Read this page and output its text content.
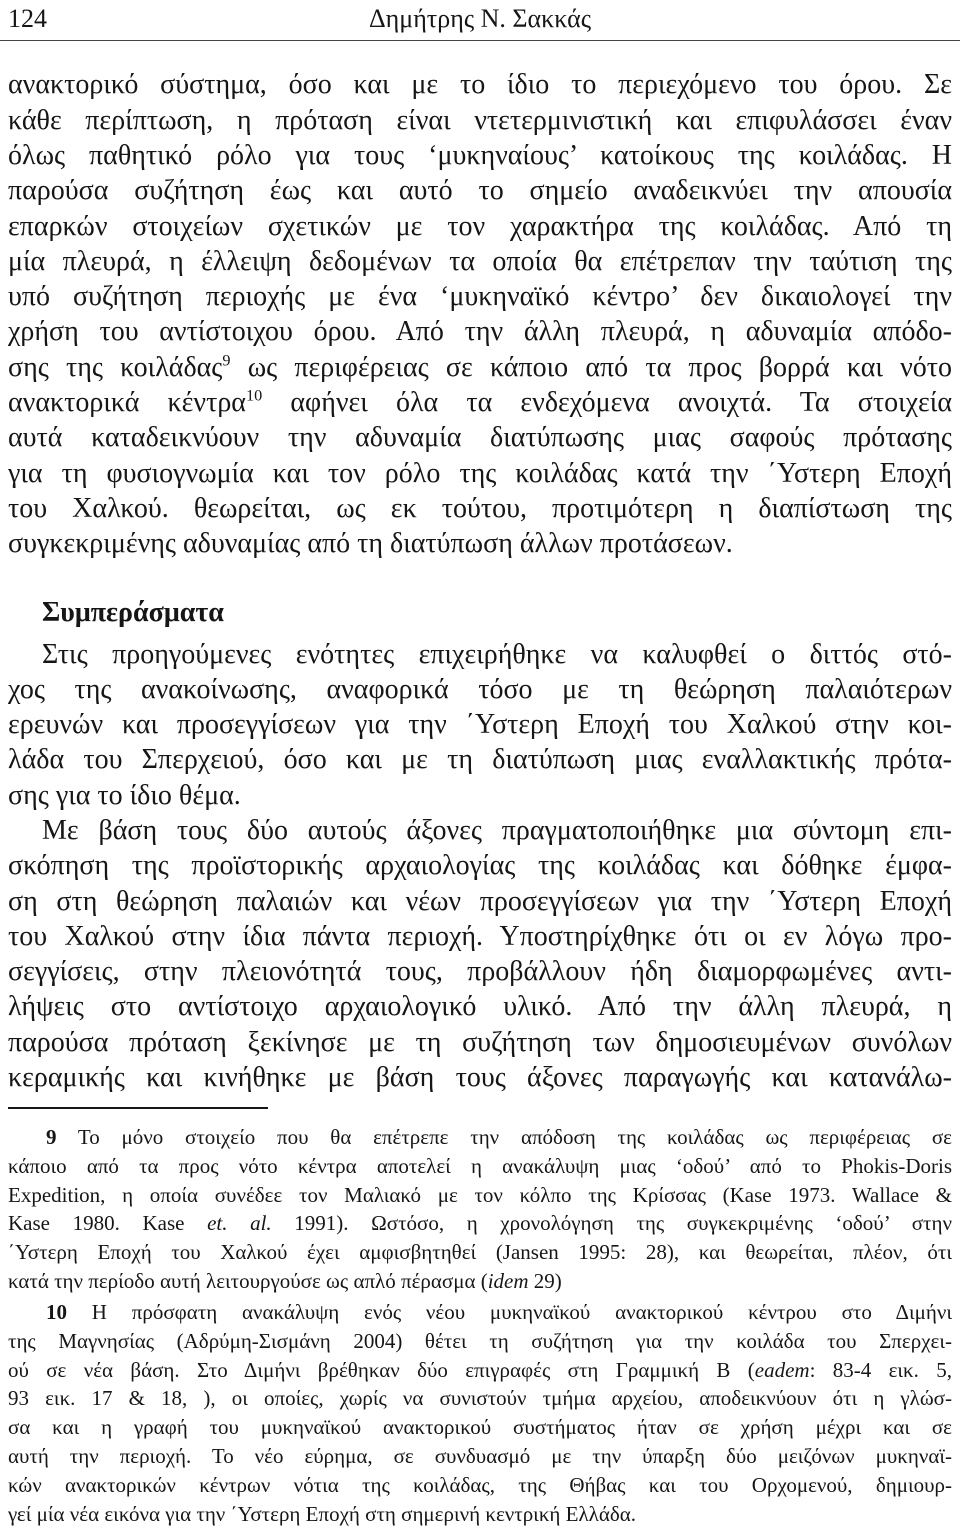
124	Δημήτρης Ν. Σακκάς
ανακτορικό σύστημα, όσο και με το ίδιο το περιεχόμενο του όρου. Σε
κάθε περίπτωση, η πρόταση είναι ντετερμινιστική και επιφυλάσσει έναν
όλως παθητικό ρόλο για τους ‘μυκηναίους’ κατοίκους της κοιλάδας. Η
παρούσα συζήτηση έως και αυτό το σημείο αναδεικνύει την απουσία
επαρκών στοιχείων σχετικών με τον χαρακτήρα της κοιλάδας. Από τη
μία πλευρά, η έλλειψη δεδομένων τα οποία θα επέτρεπαν την ταύτιση της
υπό συζήτηση περιοχής με ένα ‘μυκηναϊκό κέντρο’ δεν δικαιολογεί την
χρήση του αντίστοιχου όρου. Από την άλλη πλευρά, η αδυναμία απόδο-
σης της κοιλάδας$^9$ ως περιφέρειας σε κάποιο από τα προς βορρά και νότο
ανακτορικά κέντρα$^{10}$ αφήνει όλα τα ενδεχόμενα ανοιχτά. Τα στοιχεία
αυτά καταδεικνύουν την αδυναμία διατύπωσης μιας σαφούς πρότασης
για τη φυσιογνωμία και τον ρόλο της κοιλάδας κατά την ΄Υστερη Εποχή
του Χαλκού. θεωρείται, ως εκ τούτου, προτιμότερη η διαπίστωση της
συγκεκριμένης αδυναμίας από τη διατύπωση άλλων προτάσεων.
Συμπεράσματα
Στις προηγούμενες ενότητες επιχειρήθηκε να καλυφθεί ο διττός στό-
χος της ανακοίνωσης, αναφορικά τόσο με τη θεώρηση παλαιότερων
ερευνών και προσεγγίσεων για την ΄Υστερη Εποχή του Χαλκού στην κοι-
λάδα του Σπερχειού, όσο και με τη διατύπωση μιας εναλλακτικής πρότα-
σης για το ίδιο θέμα.
Με βάση τους δύο αυτούς άξονες πραγματοποιήθηκε μια σύντομη επι-
σκόπηση της προϊστορικής αρχαιολογίας της κοιλάδας και δόθηκε έμφα-
ση στη θεώρηση παλαιών και νέων προσεγγίσεων για την ΄Υστερη Εποχή
του Χαλκού στην ίδια πάντα περιοχή. Υποστηρίχθηκε ότι οι εν λόγω προ-
σεγγίσεις, στην πλειονότητά τους, προβάλλουν ήδη διαμορφωμένες αντι-
λήψεις στο αντίστοιχο αρχαιολογικό υλικό. Από την άλλη πλευρά, η
παρούσα πρόταση ξεκίνησε με τη συζήτηση των δημοσιευμένων συνόλων
κεραμικής και κινήθηκε με βάση τους άξονες παραγωγής και κατανάλω-
9 Το μόνο στοιχείο που θα επέτρεπε την απόδοση της κοιλάδας ως περιφέρειας σε
κάποιο από τα προς νότο κέντρα αποτελεί η ανακάλυψη μιας ‘οδού’ από το Phokis-Doris
Expedition, η οποία συνέδεε τον Μαλιακό με τον κόλπο της Κρίσσας (Kase 1973. Wallace &
Kase 1980. Kase et. al. 1991). Ωστόσο, η χρονολόγηση της συγκεκριμένης ‘οδού’ στην
΄Υστερη Εποχή του Χαλκού έχει αμφισβητηθεί (Jansen 1995: 28), και θεωρείται, πλέον, ότι
κατά την περίοδο αυτή λειτουργούσε ως απλό πέρασμα (idem 29)
10 Η πρόσφατη ανακάλυψη ενός νέου μυκηναϊκού ανακτορικού κέντρου στο Διμήνι
της Μαγνησίας (Αδρύμη-Σισμάνη 2004) θέτει τη συζήτηση για την κοιλάδα του Σπερχει-
ού σε νέα βάση. Στο Διμήνι βρέθηκαν δύο επιγραφές στη Γραμμική Β (eadem: 83-4 εικ. 5,
93 εικ. 17 & 18, ), οι οποίες, χωρίς να συνιστούν τμήμα αρχείου, αποδεικνύουν ότι η γλώσ-
σα και η γραφή του μυκηναϊκού ανακτορικού συστήματος ήταν σε χρήση μέχρι και σε
αυτή την περιοχή. Το νέο εύρημα, σε συνδυασμό με την ύπαρξη δύο μειζόνων μυκηναϊ-
κών ανακτορικών κέντρων νότια της κοιλάδας, της Θήβας και του Ορχομενού, δημιουρ-
γεί μία νέα εικόνα για την ΄Υστερη Εποχή στη σημερινή κεντρική Ελλάδα.
